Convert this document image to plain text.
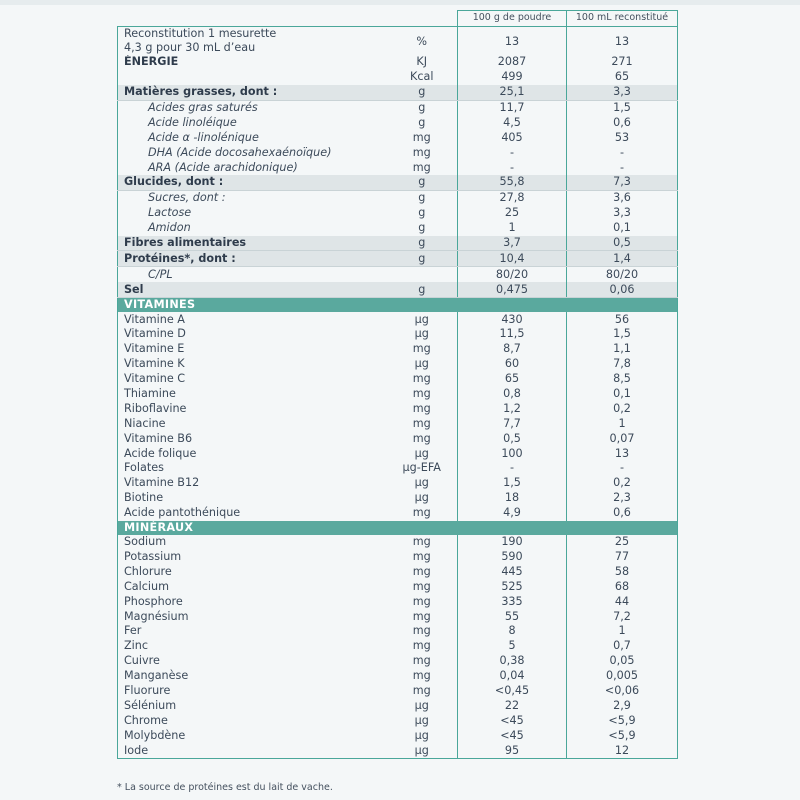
		100 g de poudre	100 mL reconstitué
Reconstitution 1 mesurette
4,3 g pour 30 mL d’eau	%	13	13
ÉNERGIE	KJ	2087	271
	Kcal	499	65
Matières grasses, dont :	g	25,1	3,3
Acides gras saturés	g	11,7	1,5
Acide linoléique	g	4,5	0,6
Acide α -linolénique	mg	405	53
DHA (Acide docosahexaénoïque)	mg	-	-
ARA (Acide arachidonique)	mg	-	-
Glucides, dont :	g	55,8	7,3
Sucres, dont :	g	27,8	3,6
Lactose	g	25	3,3
Amidon	g	1	0,1
Fibres alimentaires	g	3,7	0,5
Protéines*, dont :	g	10,4	1,4
C/PL		80/20	80/20
Sel	g	0,475	0,06
VITAMINES			
Vitamine A	µg	430	56
Vitamine D	µg	11,5	1,5
Vitamine E	mg	8,7	1,1
Vitamine K	µg	60	7,8
Vitamine C	mg	65	8,5
Thiamine	mg	0,8	0,1
Riboflavine	mg	1,2	0,2
Niacine	mg	7,7	1
Vitamine B6	mg	0,5	0,07
Acide folique	µg	100	13
Folates	µg-EFA	-	-
Vitamine B12	µg	1,5	0,2
Biotine	µg	18	2,3
Acide pantothénique	mg	4,9	0,6
MINÉRAUX			
Sodium	mg	190	25
Potassium	mg	590	77
Chlorure	mg	445	58
Calcium	mg	525	68
Phosphore	mg	335	44
Magnésium	mg	55	7,2
Fer	mg	8	1
Zinc	mg	5	0,7
Cuivre	mg	0,38	0,05
Manganèse	mg	0,04	0,005
Fluorure	mg	<0,45	<0,06
Sélénium	µg	22	2,9
Chrome	µg	<45	<5,9
Molybdène	µg	<45	<5,9
Iode	µg	95	12
* La source de protéines est du lait de vache.
